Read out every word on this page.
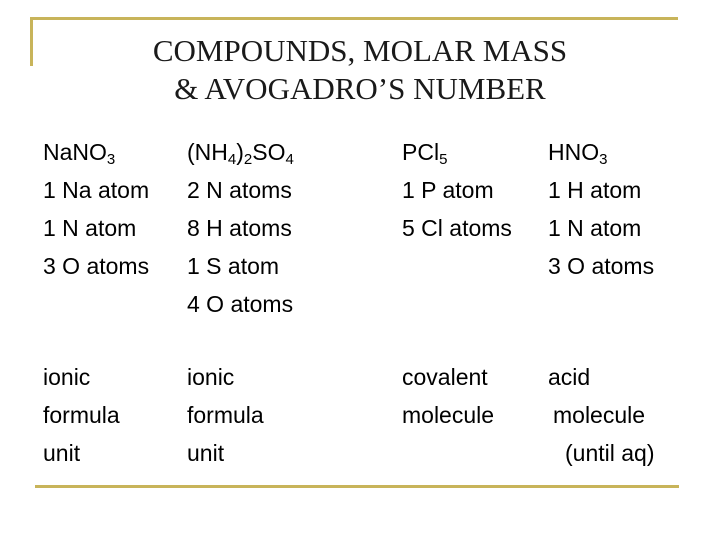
COMPOUNDS, MOLAR MASS
& AVOGADRO’S NUMBER
NaNO$_3$
1 Na atom
1 N atom
3 O atoms
ionic
formula
unit
$(NH_4)_2SO_4$
2 N atoms
8 H atoms
1 S atom
4 O atoms
ionic
formula
unit
PCl$_5$
1 P atom
5 Cl atoms
covalent
molecule
$HNO_3$
1 H atom
1 N atom
3 O atoms
acid
molecule
(until aq)
